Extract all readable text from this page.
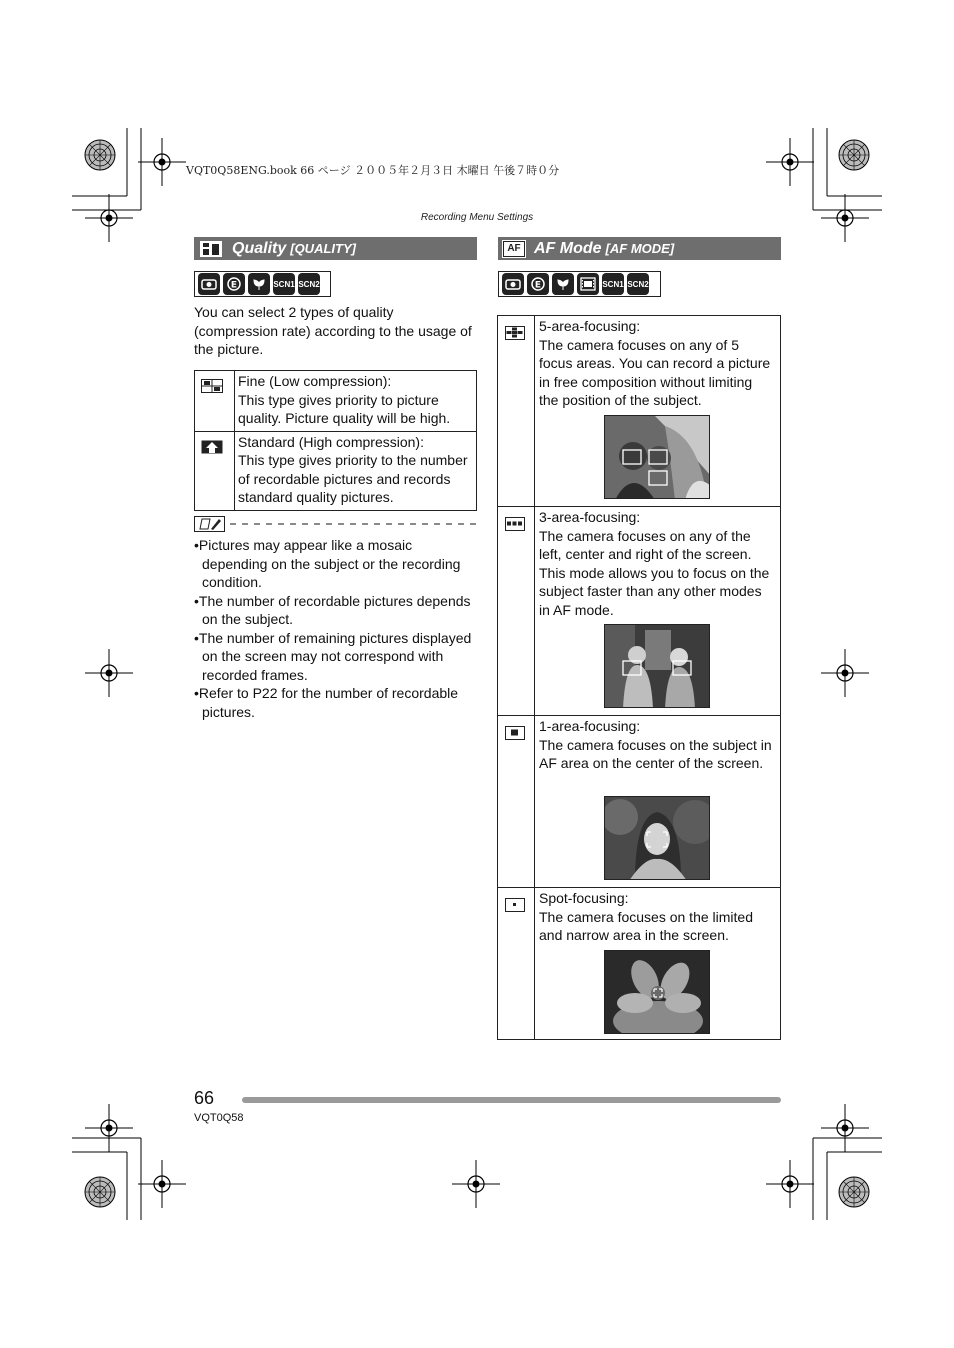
VQT0Q58ENG.book 66 ページ ２００５年２月３日 木曜日 午後７時０分
Recording Menu Settings
Quality [QUALITY]
E	SCN1 SCN2
You can select 2 types of quality (compression rate) according to the usage of the picture.

Fine (Low compression):
This type gives priority to picture quality. Picture quality will be high.

Standard (High compression):
This type gives priority to the number of recordable pictures and records standard quality pictures.
•Pictures may appear like a mosaic depending on the subject or the recording condition.
•The number of recordable pictures depends on the subject.
•The number of remaining pictures displayed on the screen may not correspond with recorded frames.
•Refer to P22 for the number of recordable pictures.
AF AF Mode [AF MODE]
E	SCN1 SCN2
5-area-focusing:
The camera focuses on any of 5 focus areas. You can record a picture in free composition without limiting the position of the subject.
3-area-focusing:
The camera focuses on any of the left, center and right of the screen. This mode allows you to focus on the subject faster than any other modes in AF mode.
1-area-focusing:
The camera focuses on the subject in AF area on the center of the screen.
Spot-focusing:
The camera focuses on the limited and narrow area in the screen.
66
VQT0Q58
